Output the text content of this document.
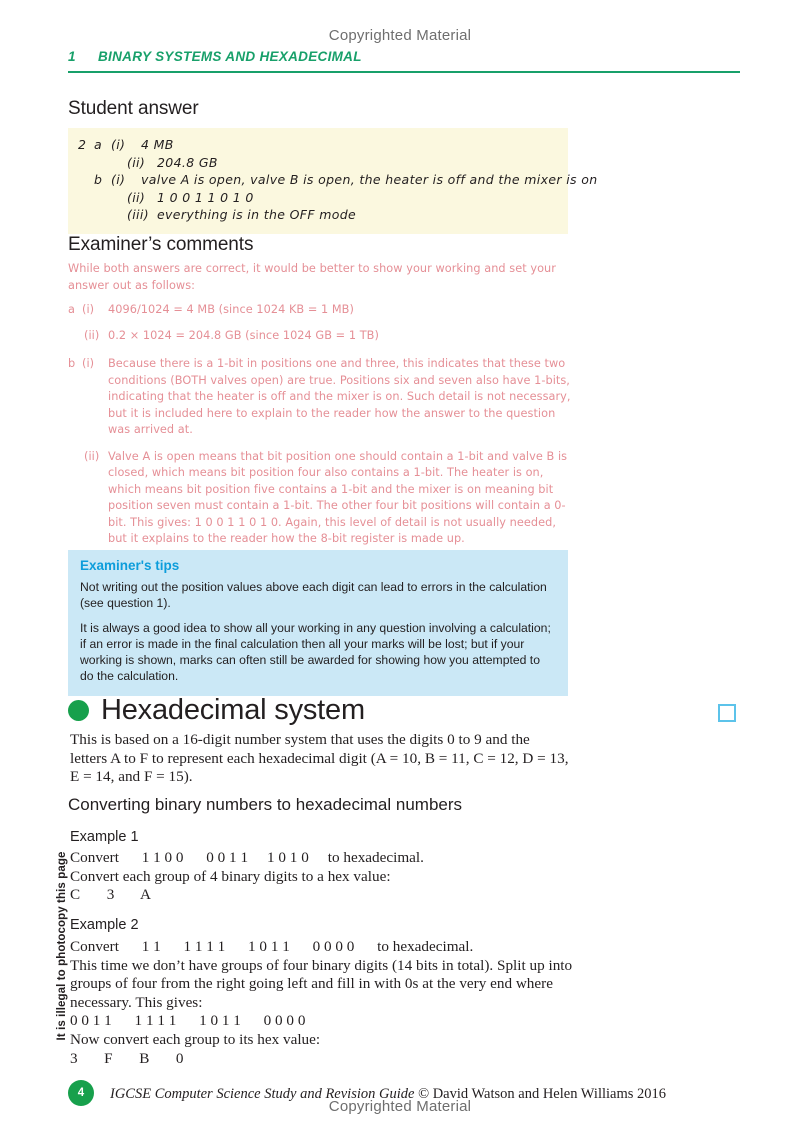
Copyrighted Material
Copyrighted Material
1 BINARY SYSTEMS AND HEXADECIMAL
It is illegal to photocopy this page
Student answer
2 a (i) 4 MB
(ii) 204.8 GB
b (i) valve A is open, valve B is open, the heater is off and the mixer is on
(ii) 1 0 0 1 1 0 1 0
(iii) everything is in the OFF mode
Examiner’s comments

While both answers are correct, it would be better to show your working and set your answer out as follows:

a (i) 4096/1024 = 4 MB (since 1024 KB = 1 MB)

(ii) 0.2 × 1024 = 204.8 GB (since 1024 GB = 1 TB)

b (i) Because there is a 1-bit in positions one and three, this indicates that these two conditions (BOTH valves open) are true. Positions six and seven also have 1-bits, indicating that the heater is off and the mixer is on. Such detail is not necessary, but it is included here to explain to the reader how the answer to the question was arrived at.

(ii) Valve A is open means that bit position one should contain a 1-bit and valve B is closed, which means bit position four also contains a 1-bit. The heater is on, which means bit position five contains a 1-bit and the mixer is on meaning bit position seven must contain a 1-bit. The other four bit positions will contain a 0-bit. This gives: 1 0 0 1 1 0 1 0. Again, this level of detail is not usually needed, but it explains to the reader how the 8-bit register is made up.

Examiner's tips

Not writing out the position values above each digit can lead to errors in the calculation (see question 1).

It is always a good idea to show all your working in any question involving a calculation; if an error is made in the final calculation then all your marks will be lost; but if your working is shown, marks can often still be awarded for showing how you attempted to do the calculation.

Hexadecimal system

This is based on a 16-digit number system that uses the digits 0 to 9 and the letters A to F to represent each hexadecimal digit (A = 10, B = 11, C = 12, D = 13, E = 14, and F = 15).

Converting binary numbers to hexadecimal numbers
Example 1

Convert 1 1 0 0      0 0 1 1     1 0 1 0 to hexadecimal.

Convert each group of 4 binary digits to a hex value:

C       3       A

Example 2

Convert 1 1      1 1 1 1      1 0 1 1      0 0 0 0 to hexadecimal.

This time we don’t have groups of four binary digits (14 bits in total). Split up into groups of four from the right going left and fill in with 0s at the very end where necessary. This gives:

0 0 1 1      1 1 1 1      1 0 1 1      0 0 0 0

Now convert each group to its hex value:

3       F       B       0

4	IGCSE Computer Science Study and Revision Guide © David Watson and Helen Williams 2016
